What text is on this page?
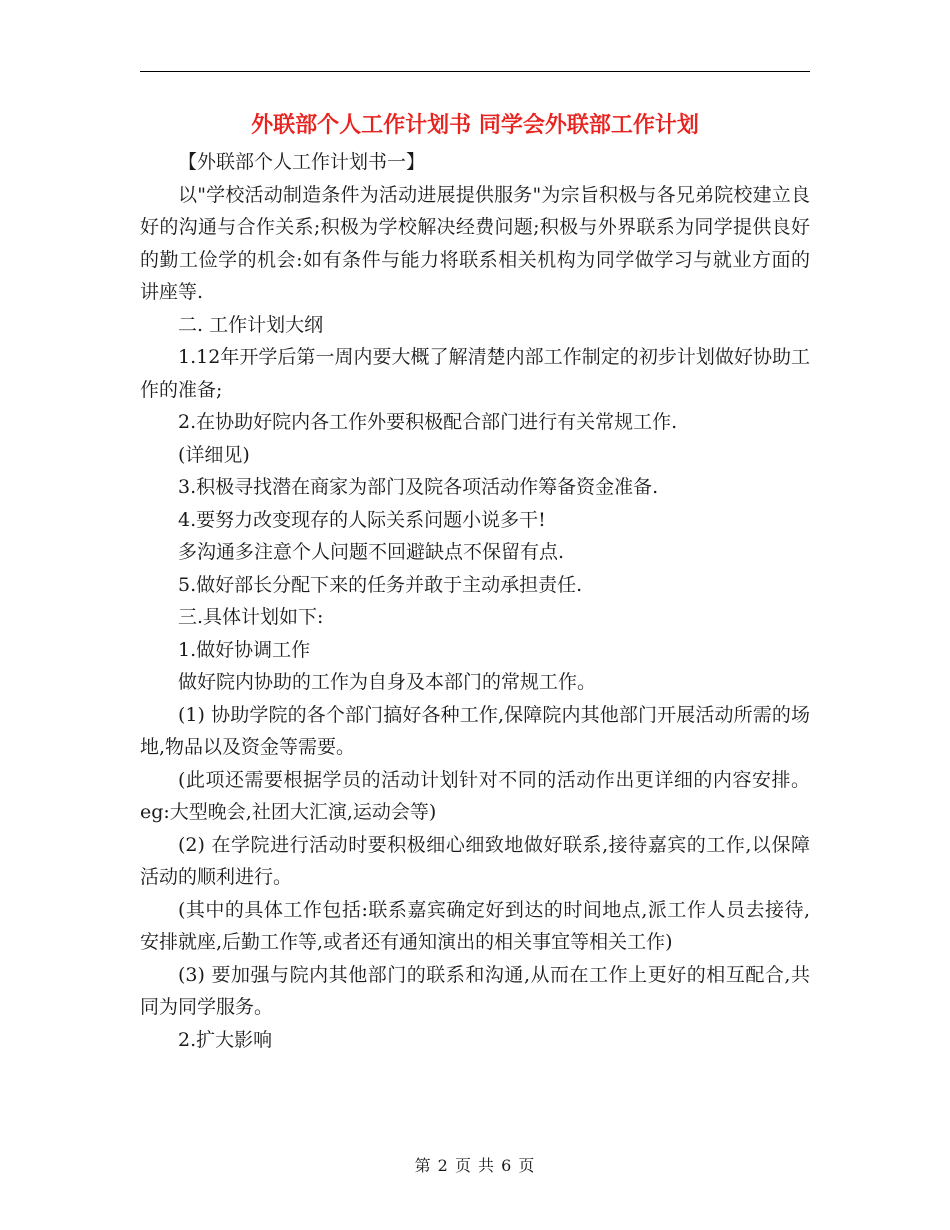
外联部个人工作计划书 同学会外联部工作计划

【外联部个人工作计划书一】

以"学校活动制造条件为活动进展提供服务"为宗旨积极与各兄弟院校建立良好的沟通与合作关系;积极为学校解决经费问题;积极与外界联系为同学提供良好的勤工俭学的机会:如有条件与能力将联系相关机构为同学做学习与就业方面的讲座等.

二. 工作计划大纲

1.12年开学后第一周内要大概了解清楚内部工作制定的初步计划做好协助工作的准备;

2.在协助好院内各工作外要积极配合部门进行有关常规工作.

(详细见)

3.积极寻找潜在商家为部门及院各项活动作筹备资金准备.

4.要努力改变现存的人际关系问题小说多干!

多沟通多注意个人问题不回避缺点不保留有点.

5.做好部长分配下来的任务并敢于主动承担责任.

三.具体计划如下:

1.做好协调工作

做好院内协助的工作为自身及本部门的常规工作。

(1) 协助学院的各个部门搞好各种工作,保障院内其他部门开展活动所需的场地,物品以及资金等需要。

(此项还需要根据学员的活动计划针对不同的活动作出更详细的内容安排。eg:大型晚会,社团大汇演,运动会等)

(2) 在学院进行活动时要积极细心细致地做好联系,接待嘉宾的工作,以保障活动的顺利进行。

(其中的具体工作包括:联系嘉宾确定好到达的时间地点,派工作人员去接待,安排就座,后勤工作等,或者还有通知演出的相关事宜等相关工作)

(3) 要加强与院内其他部门的联系和沟通,从而在工作上更好的相互配合,共同为同学服务。

2.扩大影响

第 2 页 共 6 页
